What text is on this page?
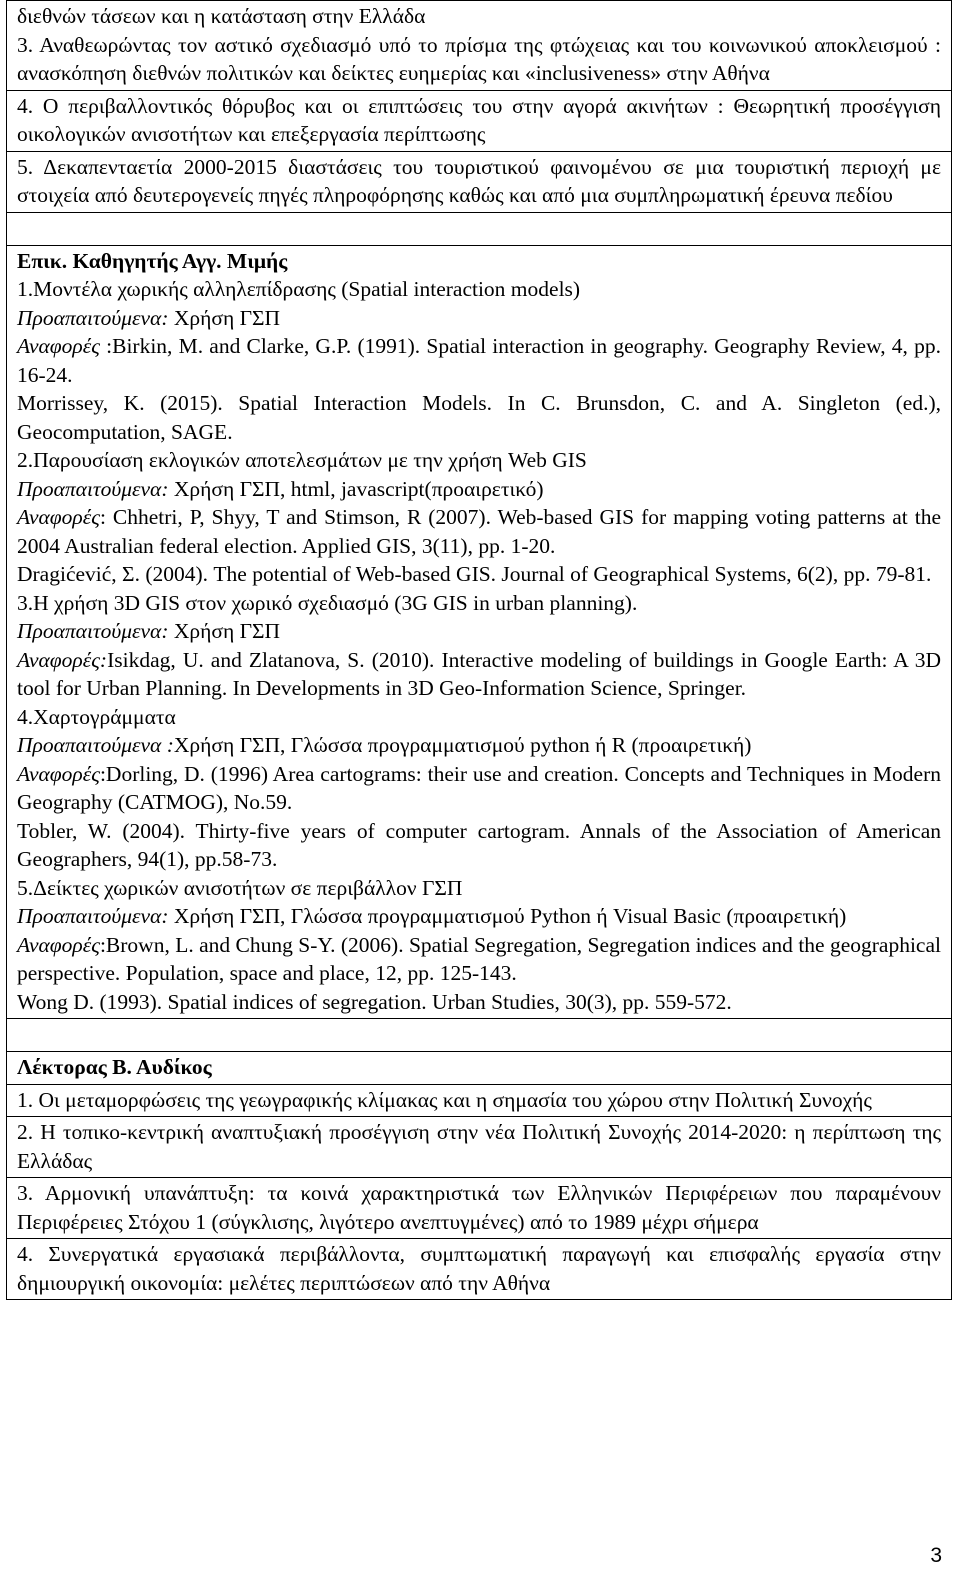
διεθνών τάσεων και η κατάσταση στην Ελλάδα

3. Αναθεωρώντας τον αστικό σχεδιασμό υπό το πρίσμα της φτώχειας και του κοινωνικού αποκλεισμού : ανασκόπηση διεθνών πολιτικών και δείκτες ευημερίας και «inclusiveness» στην Αθήνα

4. Ο περιβαλλοντικός θόρυβος και οι επιπτώσεις του στην αγορά ακινήτων : Θεωρητική προσέγγιση οικολογικών ανισοτήτων και επεξεργασία περίπτωσης

5. Δεκαπενταετία 2000-2015 διαστάσεις του τουριστικού φαινομένου σε μια τουριστική περιοχή με στοιχεία από δευτερογενείς πηγές πληροφόρησης καθώς και από μια συμπληρωματική έρευνα πεδίου

Επικ. Καθηγητής Αγγ. Μιμής

1.Μοντέλα χωρικής αλληλεπίδρασης (Spatial interaction models)

Προαπαιτούμενα: Χρήση ΓΣΠ

Αναφορές :Birkin, M. and Clarke, G.P. (1991). Spatial interaction in geography. Geography Review, 4, pp. 16-24.

Morrissey, K. (2015). Spatial Interaction Models. In C. Brunsdon, C. and A. Singleton (ed.), Geocomputation, SAGE.

2.Παρουσίαση εκλογικών αποτελεσμάτων με την χρήση Web GIS

Προαπαιτούμενα: Χρήση ΓΣΠ, html, javascript(προαιρετικό)

Αναφορές: Chhetri, P, Shyy, T and Stimson, R (2007). Web-based GIS for mapping voting patterns at the 2004 Australian federal election. Applied GIS, 3(11), pp. 1-20.

Dragićević, Σ. (2004). The potential of Web-based GIS. Journal of Geographical Systems, 6(2), pp. 79-81.

3.Η χρήση 3D GIS στον χωρικό σχεδιασμό (3G GIS in urban planning).

Προαπαιτούμενα: Χρήση ΓΣΠ

Αναφορές:Isikdag, U. and Zlatanova, S. (2010). Interactive modeling of buildings in Google Earth: A 3D tool for Urban Planning. In Developments in 3D Geo-Information Science, Springer.

4.Χαρτογράμματα

Προαπαιτούμενα :Χρήση ΓΣΠ, Γλώσσα προγραμματισμού python ή R (προαιρετική)

Αναφορές:Dorling, D. (1996) Area cartograms: their use and creation. Concepts and Techniques in Modern Geography (CATMOG), No.59.

Tobler, W. (2004). Thirty-five years of computer cartogram. Annals of the Association of American Geographers, 94(1), pp.58-73.

5.Δείκτες χωρικών ανισοτήτων σε περιβάλλον ΓΣΠ

Προαπαιτούμενα: Χρήση ΓΣΠ, Γλώσσα προγραμματισμού Python ή Visual Basic (προαιρετική)

Αναφορές:Brown, L. and Chung S-Y. (2006). Spatial Segregation, Segregation indices and the geographical perspective. Population, space and place, 12, pp. 125-143.

Wong D. (1993). Spatial indices of segregation. Urban Studies, 30(3), pp. 559-572.

Λέκτορας Β. Αυδίκος

1. Οι μεταμορφώσεις της γεωγραφικής κλίμακας και η σημασία του χώρου στην Πολιτική Συνοχής

2. Η τοπικο-κεντρική αναπτυξιακή προσέγγιση στην νέα Πολιτική Συνοχής 2014-2020: η περίπτωση της Ελλάδας

3. Αρμονική υπανάπτυξη: τα κοινά χαρακτηριστικά των Ελληνικών Περιφέρειων που παραμένουν Περιφέρειες Στόχου 1 (σύγκλισης, λιγότερο ανεπτυγμένες) από το 1989 μέχρι σήμερα

4. Συνεργατικά εργασιακά περιβάλλοντα, συμπτωματική παραγωγή και επισφαλής εργασία στην δημιουργική οικονομία: μελέτες περιπτώσεων από την Αθήνα

3
